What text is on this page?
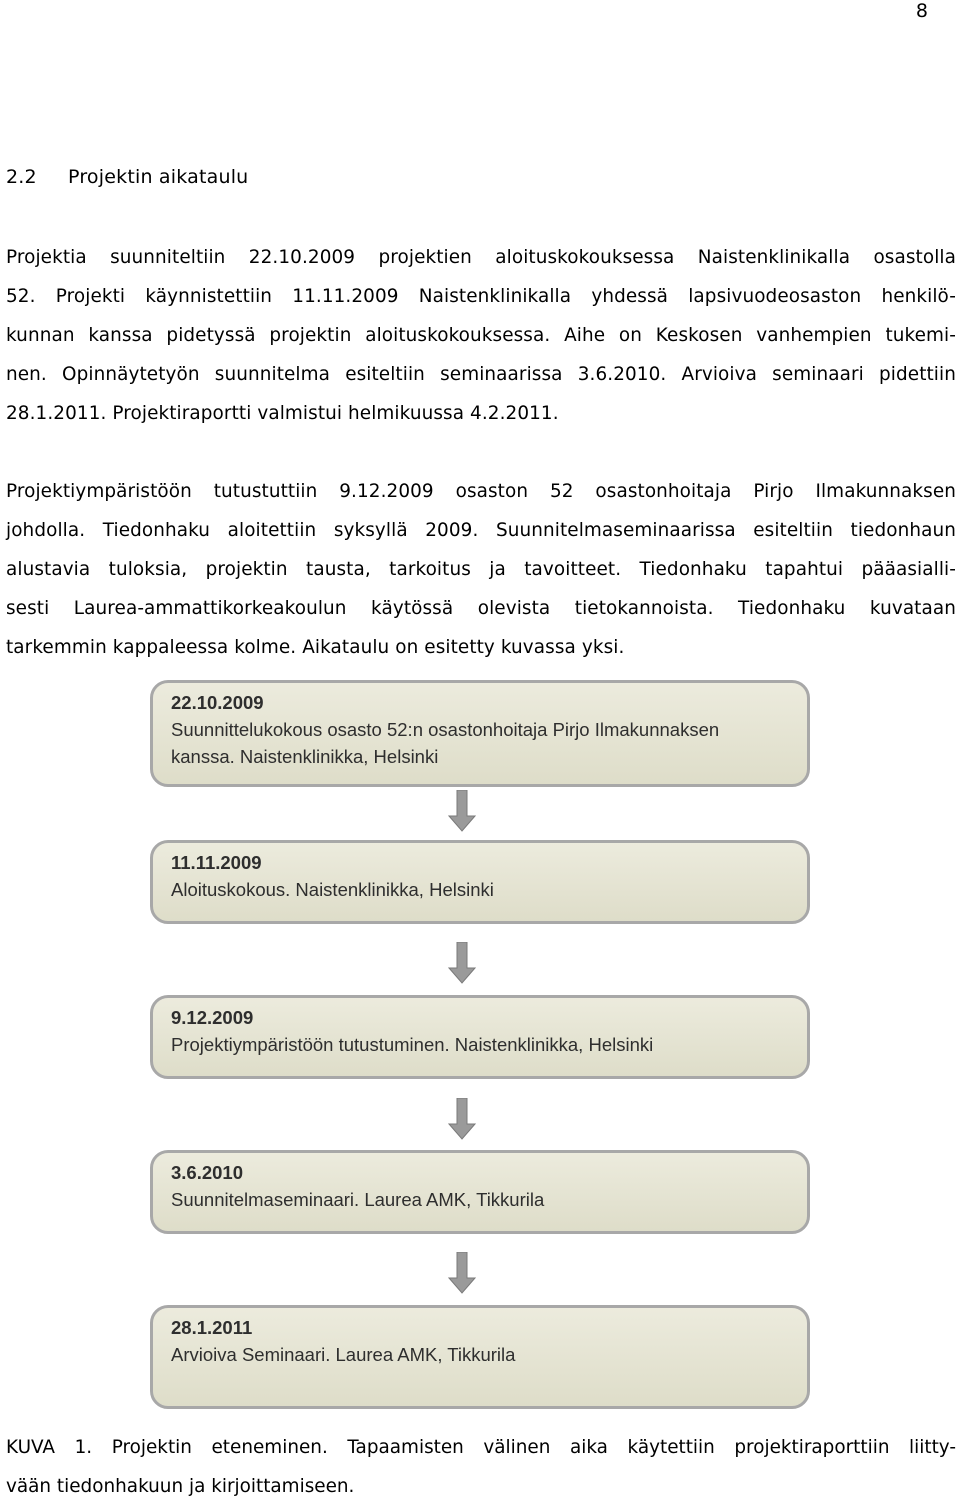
8
2.2 Projektin aikataulu
Projektia suunniteltiin 22.10.2009 projektien aloituskokouksessa Naistenklinikalla osastolla
52. Projekti käynnistettiin 11.11.2009 Naistenklinikalla yhdessä lapsivuodeosaston henkilö-
kunnan kanssa pidetyssä projektin aloituskokouksessa. Aihe on Keskosen vanhempien tukemi-
nen. Opinnäytetyön suunnitelma esiteltiin seminaarissa 3.6.2010. Arvioiva seminaari pidettiin
28.1.2011. Projektiraportti valmistui helmikuussa 4.2.2011.
Projektiympäristöön tutustuttiin 9.12.2009 osaston 52 osastonhoitaja Pirjo Ilmakunnaksen
johdolla. Tiedonhaku aloitettiin syksyllä 2009. Suunnitelmaseminaarissa esiteltiin tiedonhaun
alustavia tuloksia, projektin tausta, tarkoitus ja tavoitteet. Tiedonhaku tapahtui pääasialli-
sesti Laurea-ammattikorkeakoulun käytössä olevista tietokannoista. Tiedonhaku kuvataan
tarkemmin kappaleessa kolme. Aikataulu on esitetty kuvassa yksi.
22.10.2009
Suunnittelukokous osasto 52:n osastonhoitaja Pirjo Ilmakunnaksen
kanssa. Naistenklinikka, Helsinki
11.11.2009
Aloituskokous. Naistenklinikka, Helsinki
9.12.2009
Projektiympäristöön tutustuminen. Naistenklinikka, Helsinki
3.6.2010
Suunnitelmaseminaari. Laurea AMK, Tikkurila
28.1.2011
Arvioiva Seminaari. Laurea AMK, Tikkurila
KUVA 1. Projektin eteneminen. Tapaamisten välinen aika käytettiin projektiraporttiin liitty-
vään tiedonhakuun ja kirjoittamiseen.
